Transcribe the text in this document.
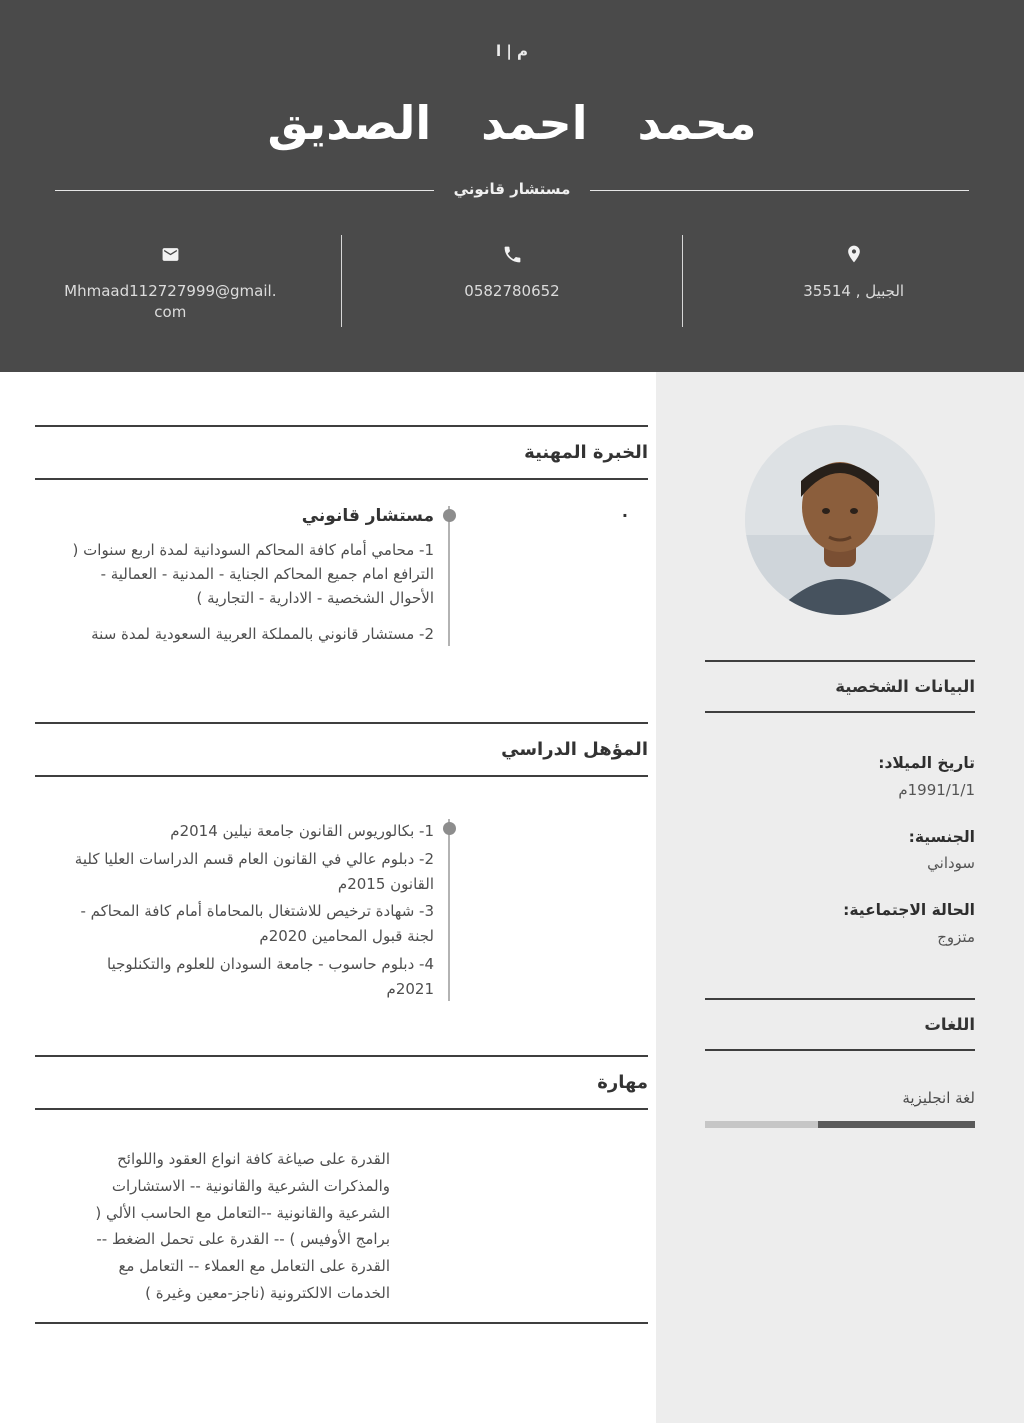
م | ا
محمد احمد الصديق
مستشار قانوني
الجبيل , 35514
0582780652
Mhmaad112727999@gmail.com
الخبرة المهنية
.
مستشار قانوني

1- محامي أمام كافة المحاكم السودانية لمدة اربع سنوات ( الترافع امام جميع المحاكم الجناية - المدنية - العمالية - الأحوال الشخصية - الادارية - التجارية )

2- مستشار قانوني بالمملكة العربية السعودية لمدة سنة

المؤهل الدراسي
1- بكالوريوس القانون جامعة نيلين 2014م
2- دبلوم عالي في القانون العام قسم الدراسات العليا كلية القانون 2015م
3- شهادة ترخيص للاشتغال بالمحاماة أمام كافة المحاكم - لجنة قبول المحامين 2020م
4- دبلوم حاسوب - جامعة السودان للعلوم والتكنلوجيا 2021م
مهارة

القدرة على صياغة كافة انواع العقود واللوائح والمذكرات الشرعية والقانونية -- الاستشارات الشرعية والقانونية --التعامل مع الحاسب الألي ( برامج الأوفيس ) -- القدرة على تحمل الضغط --القدرة على التعامل مع العملاء -- التعامل مع الخدمات الالكترونية (ناجز-معين وغيرة )

البيانات الشخصية
تاريخ الميلاد:
1991/1/1م
الجنسية:
سوداني
الحالة الاجتماعية:
متزوج
اللغات
لغة انجليزية
